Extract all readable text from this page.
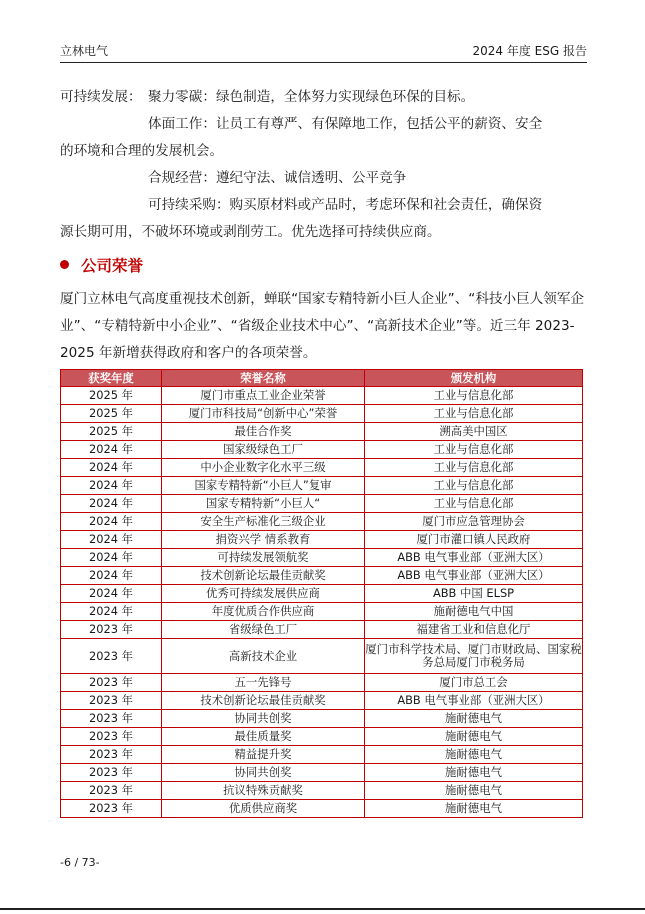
立林电气	2024 年度 ESG 报告
可持续发展： 聚力零碳：绿色制造，全体努力实现绿色环保的目标。
体面工作：让员工有尊严、有保障地工作，包括公平的薪资、安全
的环境和合理的发展机会。
合规经营：遵纪守法、诚信透明、公平竞争
可持续采购：购买原材料或产品时，考虑环保和社会责任，确保资
源长期可用，不破坏环境或剥削劳工。优先选择可持续供应商。
公司荣誉
厦门立林电气高度重视技术创新，蝉联“国家专精特新小巨人企业”、“科技小巨人领军企业”、“专精特新中小企业”、“省级企业技术中心”、“高新技术企业”等。近三年 2023-2025 年新增获得政府和客户的各项荣誉。
获奖年度	荣誉名称	颁发机构
2025 年	厦门市重点工业企业荣誉	工业与信息化部
2025 年	厦门市科技局“创新中心”荣誉	工业与信息化部
2025 年	最佳合作奖	溯高美中国区
2024 年	国家级绿色工厂	工业与信息化部
2024 年	中小企业数字化水平三级	工业与信息化部
2024 年	国家专精特新“小巨人”复审	工业与信息化部
2024 年	国家专精特新“小巨人“	工业与信息化部
2024 年	安全生产标准化三级企业	厦门市应急管理协会
2024 年	捐资兴学 情系教育	厦门市灌口镇人民政府
2024 年	可持续发展领航奖	ABB 电气事业部（亚洲大区）
2024 年	技术创新论坛最佳贡献奖	ABB 电气事业部（亚洲大区）
2024 年	优秀可持续发展供应商	ABB 中国 ELSP
2024 年	年度优质合作供应商	施耐德电气中国
2023 年	省级绿色工厂	福建省工业和信息化厅
2023 年	高新技术企业	厦门市科学技术局、厦门市财政局、国家税务总局厦门市税务局
2023 年	五一先锋号	厦门市总工会
2023 年	技术创新论坛最佳贡献奖	ABB 电气事业部（亚洲大区）
2023 年	协同共创奖	施耐德电气
2023 年	最佳质量奖	施耐德电气
2023 年	精益提升奖	施耐德电气
2023 年	协同共创奖	施耐德电气
2023 年	抗议特殊贡献奖	施耐德电气
2023 年	优质供应商奖	施耐德电气
-6 / 73-
